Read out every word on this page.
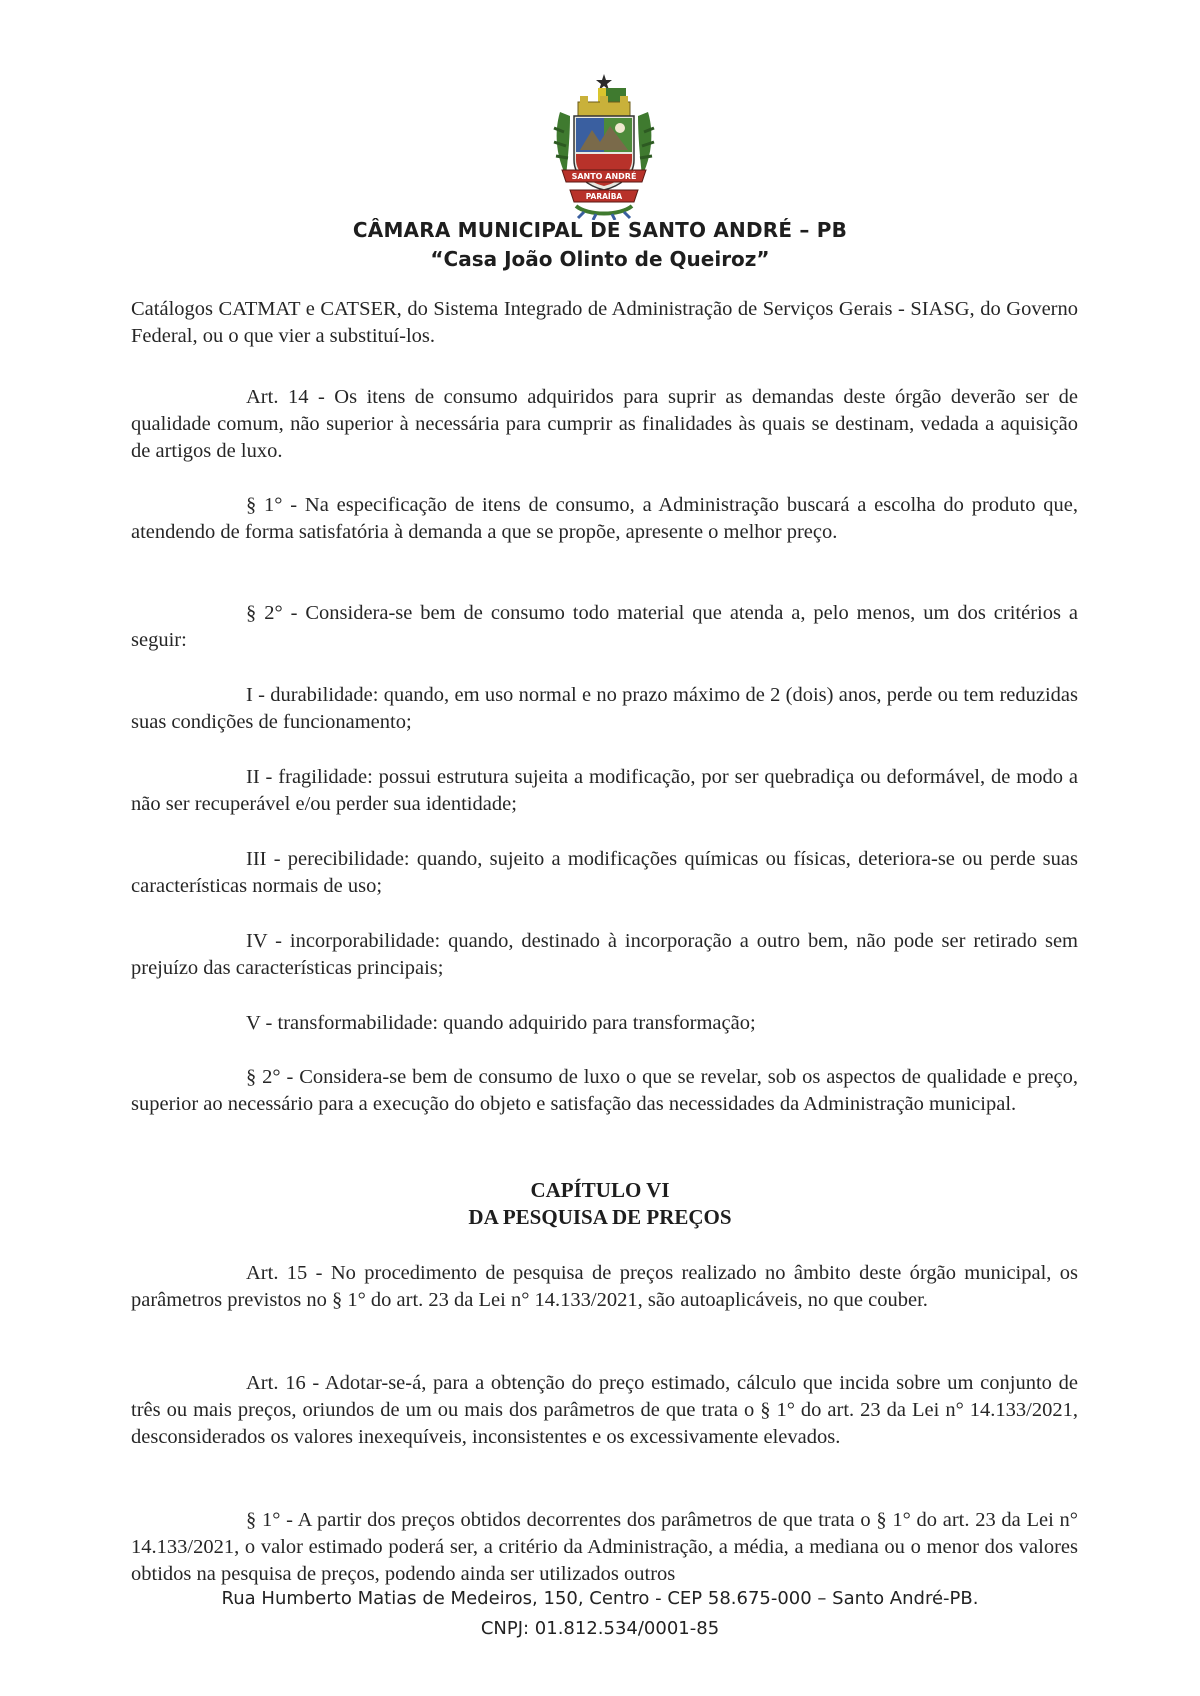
SANTO ANDRÉ
PARAÍBA
CÂMARA MUNICIPAL DE SANTO ANDRÉ – PB
“Casa João Olinto de Queiroz”

Catálogos CATMAT e CATSER, do Sistema Integrado de Administração de Serviços Gerais - SIASG, do Governo Federal, ou o que vier a substituí-los.

Art. 14 - Os itens de consumo adquiridos para suprir as demandas deste órgão deverão ser de qualidade comum, não superior à necessária para cumprir as finalidades às quais se destinam, vedada a aquisição de artigos de luxo.

§ 1° - Na especificação de itens de consumo, a Administração buscará a escolha do produto que, atendendo de forma satisfatória à demanda a que se propõe, apresente o melhor preço.

§ 2° - Considera-se bem de consumo todo material que atenda a, pelo menos, um dos critérios a seguir:

I - durabilidade: quando, em uso normal e no prazo máximo de 2 (dois) anos, perde ou tem reduzidas suas condições de funcionamento;

II - fragilidade: possui estrutura sujeita a modificação, por ser quebradiça ou deformável, de modo a não ser recuperável e/ou perder sua identidade;

III - perecibilidade: quando, sujeito a modificações químicas ou físicas, deteriora-se ou perde suas características normais de uso;

IV - incorporabilidade: quando, destinado à incorporação a outro bem, não pode ser retirado sem prejuízo das características principais;

V - transformabilidade: quando adquirido para transformação;

§ 2° - Considera-se bem de consumo de luxo o que se revelar, sob os aspectos de qualidade e preço, superior ao necessário para a execução do objeto e satisfação das necessidades da Administração municipal.

CAPÍTULO VI
DA PESQUISA DE PREÇOS

Art. 15 - No procedimento de pesquisa de preços realizado no âmbito deste órgão municipal, os parâmetros previstos no § 1° do art. 23 da Lei n° 14.133/2021, são autoaplicáveis, no que couber.

Art. 16 - Adotar-se-á, para a obtenção do preço estimado, cálculo que incida sobre um conjunto de três ou mais preços, oriundos de um ou mais dos parâmetros de que trata o § 1° do art. 23 da Lei n° 14.133/2021, desconsiderados os valores inexequíveis, inconsistentes e os excessivamente elevados.

§ 1° - A partir dos preços obtidos decorrentes dos parâmetros de que trata o § 1° do art. 23 da Lei n° 14.133/2021, o valor estimado poderá ser, a critério da Administração, a média, a mediana ou o menor dos valores obtidos na pesquisa de preços, podendo ainda ser utilizados outros

Rua Humberto Matias de Medeiros, 150, Centro - CEP 58.675-000 – Santo André-PB.
CNPJ: 01.812.534/0001-85
